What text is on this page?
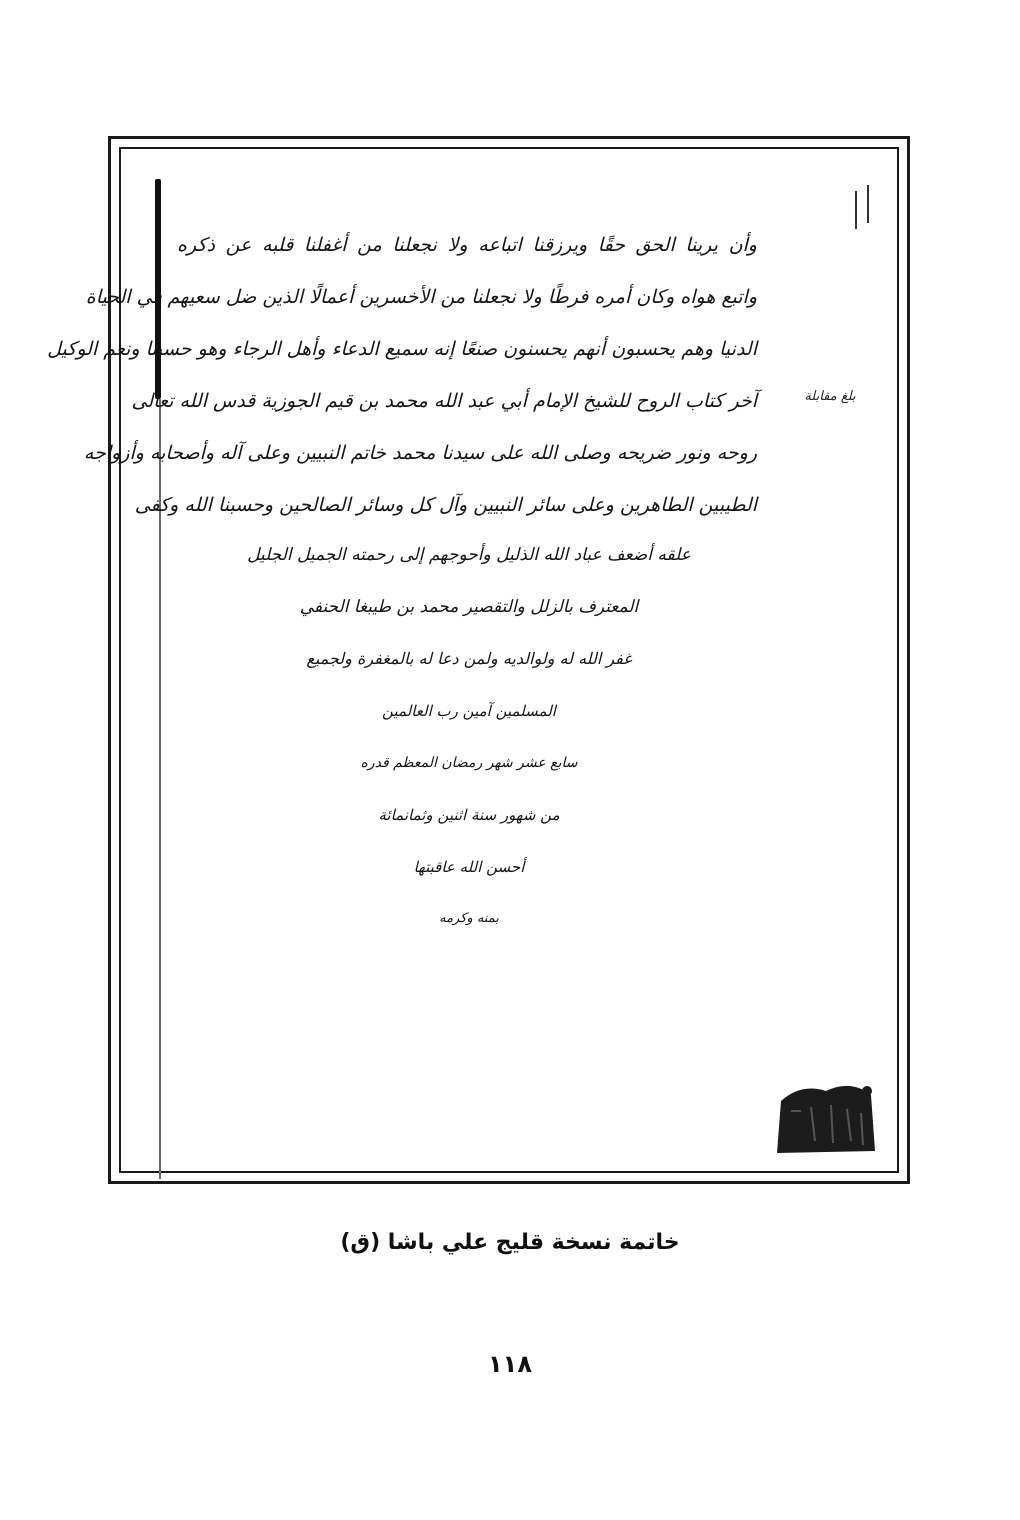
بلغ مقابلة
وأن يرينا الحق حقًا ويرزقنا اتباعه ولا نجعلنا من أغفلنا قلبه عن ذكره
واتبع هواه وكان أمره فرطًا ولا نجعلنا من الأخسرين أعمالًا الذين ضل سعيهم في الحياة
الدنيا وهم يحسبون أنهم يحسنون صنعًا إنه سميع الدعاء وأهل الرجاء وهو حسبنا ونعم الوكيل
آخر كتاب الروح للشيخ الإمام أبي عبد الله محمد بن قيم الجوزية قدس الله تعالى
روحه ونور ضريحه وصلى الله على سيدنا محمد خاتم النبيين وعلى آله وأصحابه وأزواجه
الطيبين الطاهرين وعلى سائر النبيين وآل كل وسائر الصالحين وحسبنا الله وكفى
علقه أضعف عباد الله الذليل وأحوجهم إلى رحمته الجميل الجليل
المعترف بالزلل والتقصير محمد بن طيبغا الحنفي
غفر الله له ولوالديه ولمن دعا له بالمغفرة ولجميع
المسلمين آمين رب العالمين
سابع عشر شهر رمضان المعظم قدره
من شهور سنة اثنين وثمانمائة
أحسن الله عاقبتها
بمنه وكرمه
خاتمة نسخة قليج علي باشا (ق)
١١٨
